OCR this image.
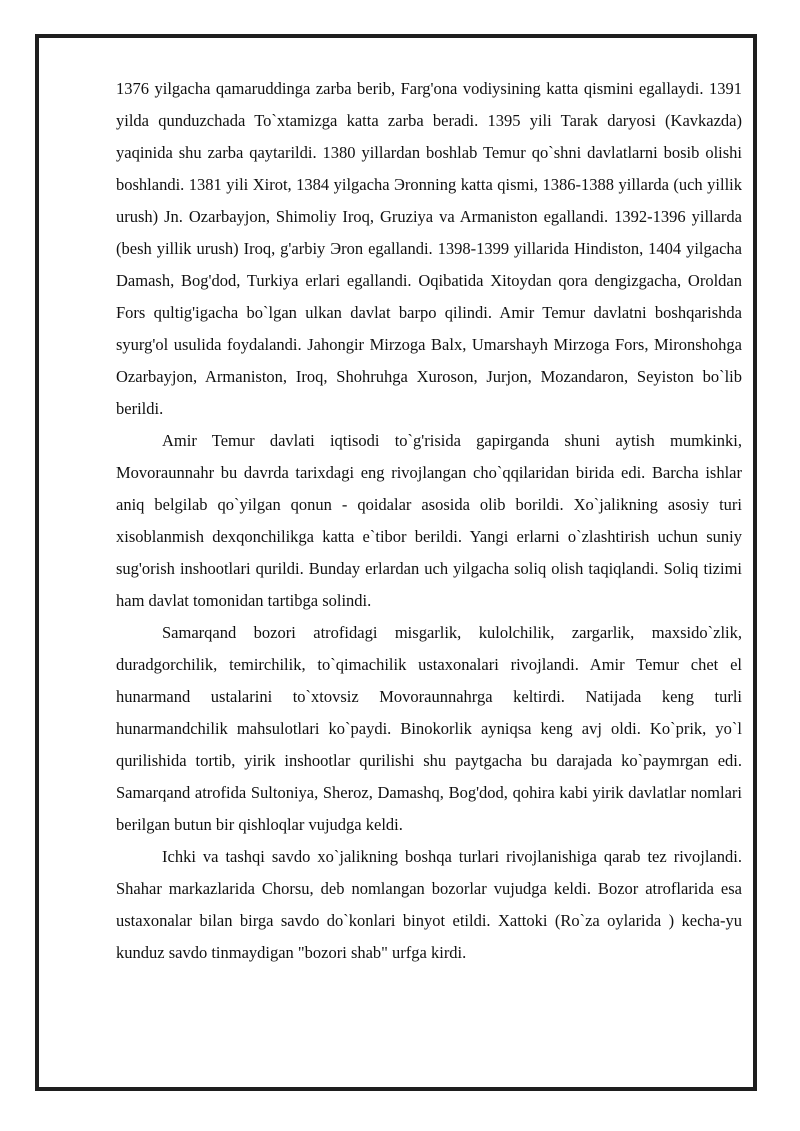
1376 yilgacha qamaruddinga zarba berib, Farg'ona vodiysining katta qismini egallaydi. 1391 yilda qunduzchada To`xtamizga katta zarba beradi. 1395 yili Tarak daryosi (Kavkazda) yaqinida shu zarba qaytarildi. 1380 yillardan boshlab Temur qo`shni davlatlarni bosib olishi boshlandi. 1381 yili Xirot, 1384 yilgacha Эronning katta qismi, 1386-1388 yillarda (uch yillik urush) Jn. Ozarbayjon, Shimoliy Iroq, Gruziya va Armaniston egallandi. 1392-1396 yillarda (besh yillik urush) Iroq, g'arbiy Эron egallandi. 1398-1399 yillarida Hindiston, 1404 yilgacha Damash, Bog'dod, Turkiya erlari egallandi. Oqibatida Xitoydan qora dengizgacha, Oroldan Fors qultig'igacha bo`lgan ulkan davlat barpo qilindi. Amir Temur davlatni boshqarishda syurg'ol usulida foydalandi. Jahongir Mirzoga Balx, Umarshayh Mirzoga Fors, Mironshohga Ozarbayjon, Armaniston, Iroq, Shohruhga Xuroson, Jurjon, Mozandaron, Seyiston bo`lib berildi.

Amir Temur davlati iqtisodi to`g'risida gapirganda shuni aytish mumkinki, Movoraunnahr bu davrda tarixdagi eng rivojlangan cho`qqilaridan birida edi. Barcha ishlar aniq belgilab qo`yilgan qonun - qoidalar asosida olib borildi. Xo`jalikning asosiy turi xisoblanmish dexqonchilikga katta e`tibor berildi. Yangi erlarni o`zlashtirish uchun suniy sug'orish inshootlari qurildi. Bunday erlardan uch yilgacha soliq olish taqiqlandi. Soliq tizimi ham davlat tomonidan tartibga solindi.

Samarqand bozori atrofidagi misgarlik, kulolchilik, zargarlik, maxsido`zlik, duradgorchilik, temirchilik, to`qimachilik ustaxonalari rivojlandi. Amir Temur chet el hunarmand ustalarini to`xtovsiz Movoraunnahrga keltirdi. Natijada keng turli hunarmandchilik mahsulotlari ko`paydi. Binokorlik ayniqsa keng avj oldi. Ko`prik, yo`l qurilishida tortib, yirik inshootlar qurilishi shu paytgacha bu darajada ko`paymrgan edi. Samarqand atrofida Sultoniya, Sheroz, Damashq, Bog'dod, qohira kabi yirik davlatlar nomlari berilgan butun bir qishloqlar vujudga keldi.

Ichki va tashqi savdo xo`jalikning boshqa turlari rivojlanishiga qarab tez rivojlandi. Shahar markazlarida Chorsu, deb nomlangan bozorlar vujudga keldi. Bozor atroflarida esa ustaxonalar bilan birga savdo do`konlari binyot etildi. Xattoki (Ro`za oylarida ) kecha-yu kunduz savdo tinmaydigan "bozori shab" urfga kirdi.
